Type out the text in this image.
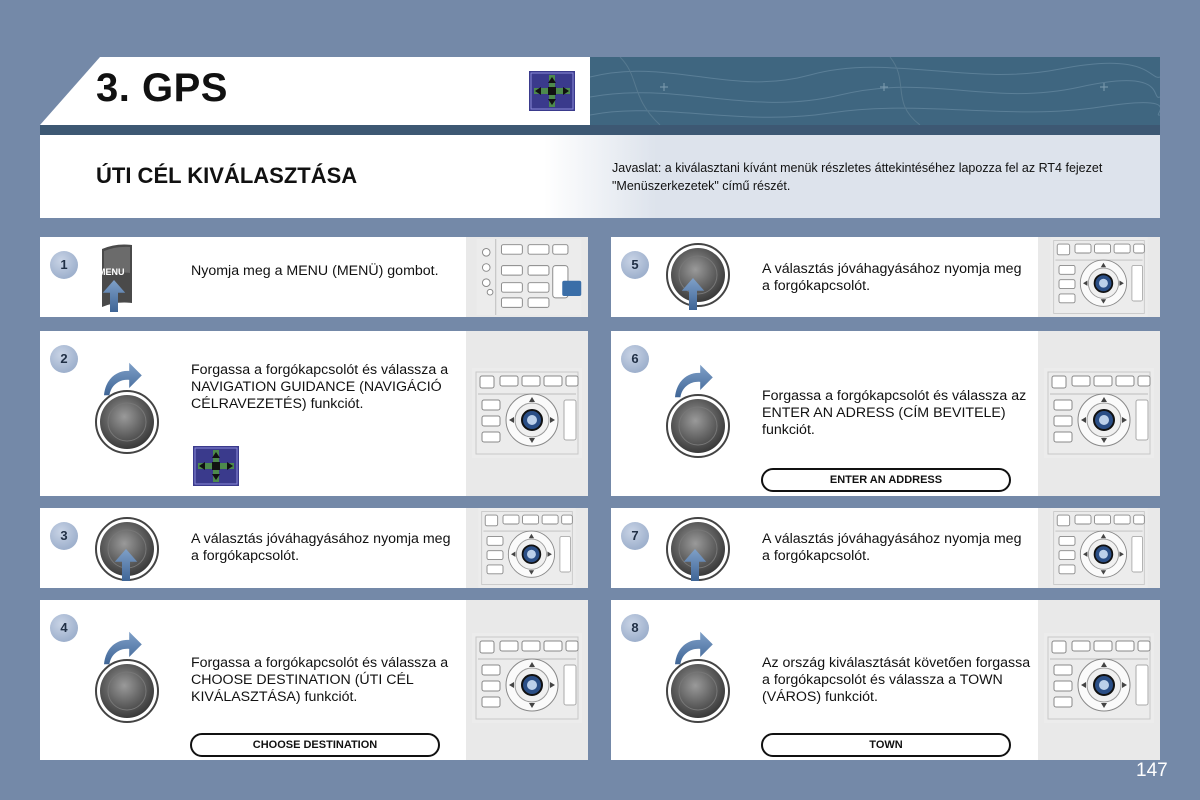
3. GPS
ÚTI CÉL KIVÁLASZTÁSA	Javaslat: a kiválasztani kívánt menük részletes áttekintéséhez lapozza fel az RT4 fejezet "Menüszerkezetek" című részét.
1	MENU	Nyomja meg a MENU (MENÜ) gombot.
2
Forgassa a forgókapcsolót és válassza a NAVIGATION GUIDANCE (NAVIGÁCIÓ CÉLRAVEZETÉS) funkciót.
3	A választás jóváhagyásához nyomja meg a forgókapcsolót.
4
Forgassa a forgókapcsolót és válassza a CHOOSE DESTINATION (ÚTI CÉL KIVÁLASZTÁSA) funkciót.
CHOOSE DESTINATION
5	A választás jóváhagyásához nyomja meg a forgókapcsolót.
6
Forgassa a forgókapcsolót és válassza az ENTER AN ADRESS (CÍM BEVITELE) funkciót.
ENTER AN ADDRESS
7	A választás jóváhagyásához nyomja meg a forgókapcsolót.
8
Az ország kiválasztását követően forgassa a forgókapcsolót és válassza a TOWN (VÁROS) funkciót.
TOWN
147
